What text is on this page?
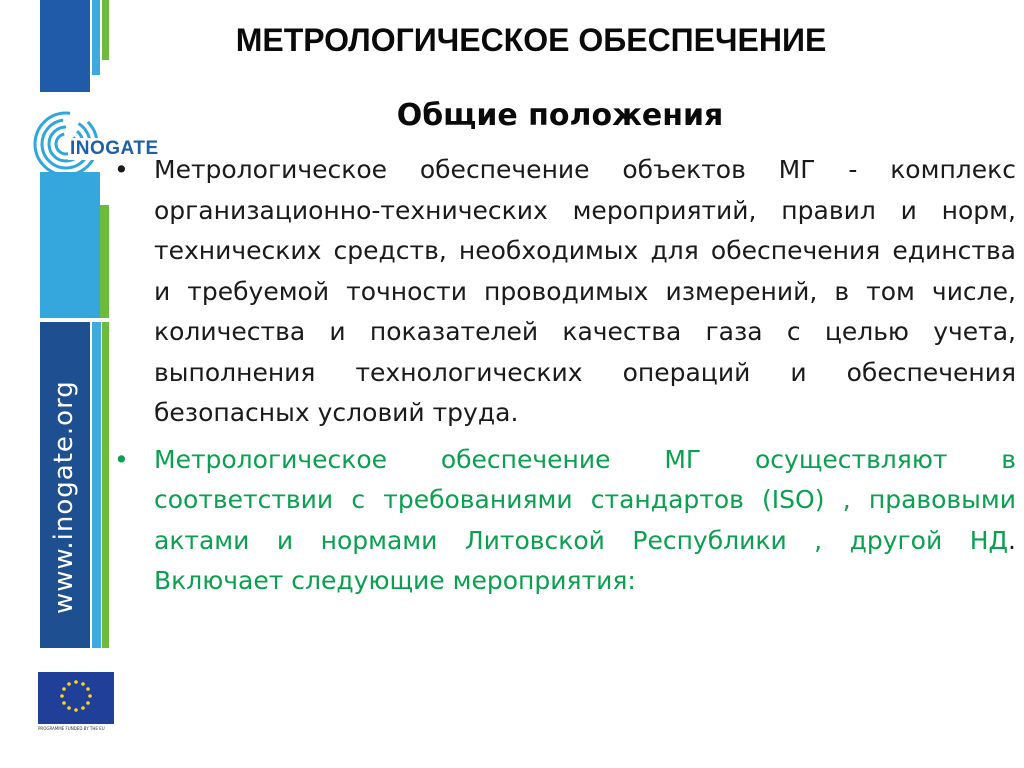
www.inogate.org
INOGATE
PROGRAMME FUNDED BY THE EU
МЕТРОЛОГИЧЕСКОЕ ОБЕСПЕЧЕНИЕ
Общие положения
• Метрологическое обеспечение объектов МГ - комплекс организационно-технических мероприятий, правил и норм, технических средств, необходимых для обеспечения единства и требуемой точности проводимых измерений, в том числе, количества и показателей качества газа с целью учета, выполнения технологических операций и обеспечения безопасных условий труда.
• Метрологическое обеспечение МГ осуществляют в соответствии с требованиями стандартов (ISO) , правовыми актами и нормами Литовской Республики , другой НД. Включает следующие мероприятия:
